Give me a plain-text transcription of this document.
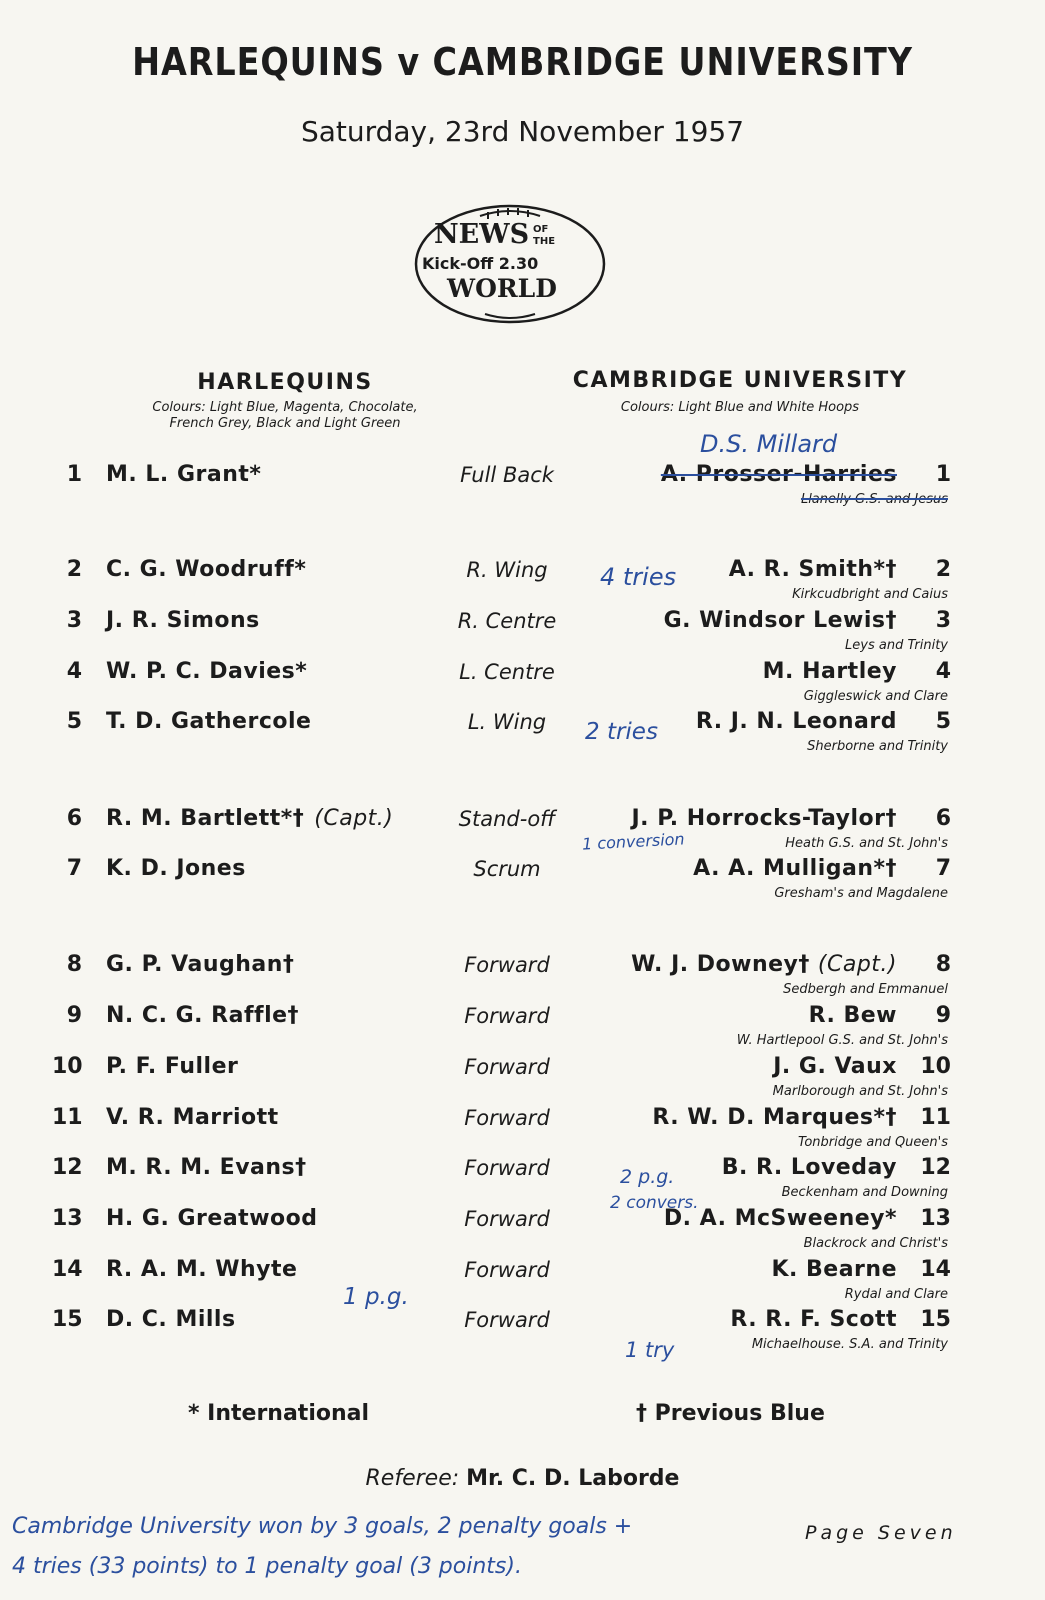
HARLEQUINS v CAMBRIDGE UNIVERSITY
Saturday, 23rd November 1957
NEWS OF
THE
Kick-Off 2.30
WORLD
HARLEQUINS
Colours: Light Blue, Magenta, Chocolate,
French Grey, Black and Light Green
CAMBRIDGE UNIVERSITY
Colours: Light Blue and White Hoops
1 M. L. Grant*	Full Back	A. Prosser-Harries	1
Llanelly G.S. and Jesus
2 C. G. Woodruff*	R. Wing	A. R. Smith*†	2
Kirkcudbright and Caius
3 J. R. Simons	R. Centre	G. Windsor Lewis†	3
Leys and Trinity
4 W. P. C. Davies*	L. Centre	M. Hartley	4
Giggleswick and Clare
5 T. D. Gathercole	L. Wing	R. J. N. Leonard	5
Sherborne and Trinity
6 R. M. Bartlett*† (Capt.)	Stand-off	J. P. Horrocks-Taylor†	6
Heath G.S. and St. John's
7 K. D. Jones	Scrum	A. A. Mulligan*†	7
Gresham's and Magdalene
8 G. P. Vaughan†	Forward	W. J. Downey† (Capt.)	8
Sedbergh and Emmanuel
9 N. C. G. Raffle†	Forward	R. Bew	9
W. Hartlepool G.S. and St. John's
10 P. F. Fuller	Forward	J. G. Vaux	10
Marlborough and St. John's
11 V. R. Marriott	Forward	R. W. D. Marques*†	11
Tonbridge and Queen's
12 M. R. M. Evans†	Forward	B. R. Loveday	12
Beckenham and Downing
13 H. G. Greatwood	Forward	D. A. McSweeney*	13
Blackrock and Christ's
14 R. A. M. Whyte	Forward	K. Bearne	14
Rydal and Clare
15 D. C. Mills	Forward	R. R. F. Scott	15
Michaelhouse. S.A. and Trinity
D.S. Millard
4 tries
2 tries
1 conversion
2 p.g.
2 convers.
1 p.g.
1 try
* International	† Previous Blue
Referee: Mr. C. D. Laborde
Cambridge University won by 3 goals, 2 penalty goals +
4 tries (33 points) to 1 penalty goal (3 points).
Page Seven
